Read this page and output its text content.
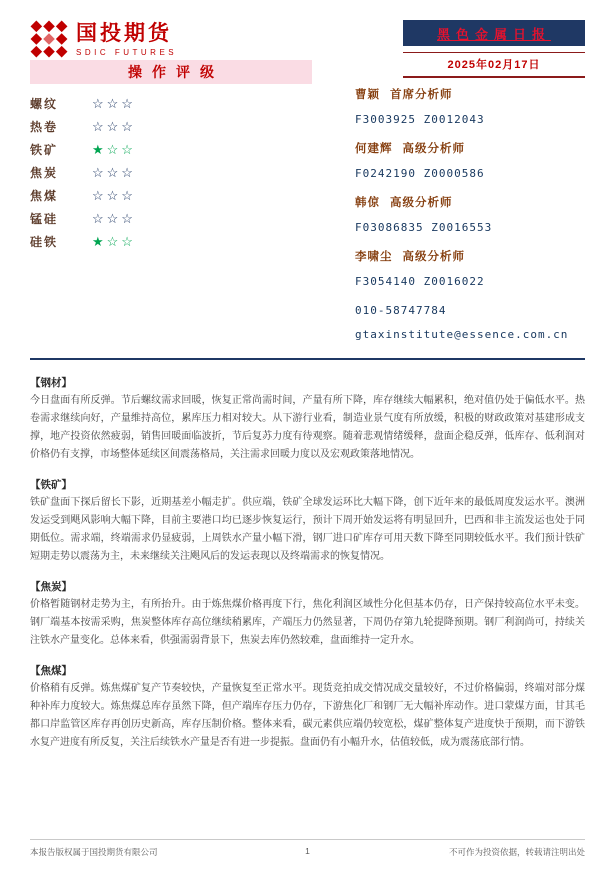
国投期货
SDIC FUTURES
黑色金属日报
2025年02月17日
操作评级
螺纹	☆☆☆
热卷	☆☆☆
铁矿	★☆☆
焦炭	☆☆☆
焦煤	☆☆☆
锰硅	☆☆☆
硅铁	★☆☆
曹颖 首席分析师
F3003925 Z0012043
何建辉 高级分析师
F0242190 Z0000586
韩倞 高级分析师
F03086835 Z0016553
李啸尘 高级分析师
F3054140 Z0016022
010-58747784
gtaxinstitute@essence.com.cn
【钢材】
今日盘面有所反弹。节后螺纹需求回暖，恢复正常尚需时间，产量有所下降，库存继续大幅累积，绝对值仍处于偏低水平。热卷需求继续向好，产量维持高位，累库压力相对较大。从下游行业看，制造业景气度有所放缓，积极的财政政策对基建形成支撑，地产投资依然疲弱，销售回暖面临波折，节后复苏力度有待观察。随着悲观情绪缓释，盘面企稳反弹，低库存、低利润对价格仍有支撑，市场整体延续区间震荡格局，关注需求回暖力度以及宏观政策落地情况。
【铁矿】
铁矿盘面下探后留长下影，近期基差小幅走扩。供应端，铁矿全球发运环比大幅下降，创下近年来的最低周度发运水平。澳洲发运受到飓风影响大幅下降，目前主要港口均已逐步恢复运行，预计下周开始发运将有明显回升，巴西和非主流发运也处于同期低位。需求端，终端需求仍显疲弱，上周铁水产量小幅下滑，钢厂进口矿库存可用天数下降至同期较低水平。我们预计铁矿短期走势以震荡为主，未来继续关注飓风后的发运表现以及终端需求的恢复情况。
【焦炭】
价格暂随钢材走势为主，有所抬升。由于炼焦煤价格再度下行，焦化利润区域性分化但基本仍存，日产保持较高位水平未变。钢厂端基本按需采购，焦炭整体库存高位继续稍累库，产端压力仍然显著，下周仍存第九轮提降预期。钢厂利润尚可，持续关注铁水产量变化。总体来看，供强需弱背景下，焦炭去库仍然较难，盘面维持一定升水。
【焦煤】
价格稍有反弹。炼焦煤矿复产节奏较快，产量恢复至正常水平。现货竞拍成交情况成交量较好，不过价格偏弱，终端对部分煤种补库力度较大。炼焦煤总库存虽然下降，但产端库存压力仍存，下游焦化厂和钢厂无大幅补库动作。进口蒙煤方面，甘其毛都口岸监管区库存再创历史新高，库存压制价格。整体来看，碳元素供应端仍较宽松，煤矿整体复产进度快于预期，而下游铁水复产进度有所反复，关注后续铁水产量是否有进一步提振。盘面仍有小幅升水，估值较低，成为震荡底部行情。
本报告版权属于国投期货有限公司	1	不可作为投资依据，转载请注明出处
